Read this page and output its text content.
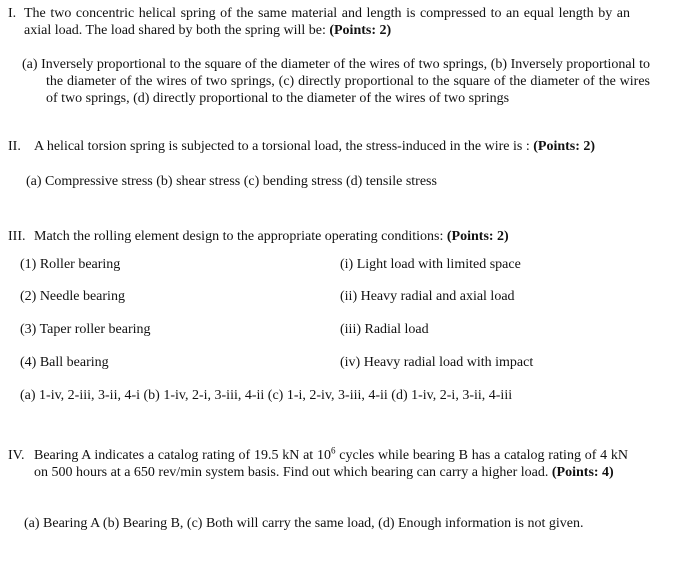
I. The two concentric helical spring of the same material and length is compressed to an equal length by an axial load. The load shared by both the spring will be: (Points: 2)
(a) Inversely proportional to the square of the diameter of the wires of two springs, (b) Inversely proportional to the diameter of the wires of two springs, (c) directly proportional to the square of the diameter of the wires of two springs, (d) directly proportional to the diameter of the wires of two springs
II. A helical torsion spring is subjected to a torsional load, the stress-induced in the wire is : (Points: 2)
(a) Compressive stress (b) shear stress (c) bending stress (d) tensile stress
III. Match the rolling element design to the appropriate operating conditions: (Points: 2)
(1) Roller bearing	(i) Light load with limited space
(2) Needle bearing	(ii) Heavy radial and axial load
(3) Taper roller bearing	(iii) Radial load
(4) Ball bearing	(iv) Heavy radial load with impact
(a) 1-iv, 2-iii, 3-ii, 4-i (b) 1-iv, 2-i, 3-iii, 4-ii (c) 1-i, 2-iv, 3-iii, 4-ii (d) 1-iv, 2-i, 3-ii, 4-iii
IV. Bearing A indicates a catalog rating of 19.5 kN at $10^6$ cycles while bearing B has a catalog rating of 4 kN on 500 hours at a 650 rev/min system basis. Find out which bearing can carry a higher load. (Points: 4)
(a) Bearing A (b) Bearing B, (c) Both will carry the same load, (d) Enough information is not given.
